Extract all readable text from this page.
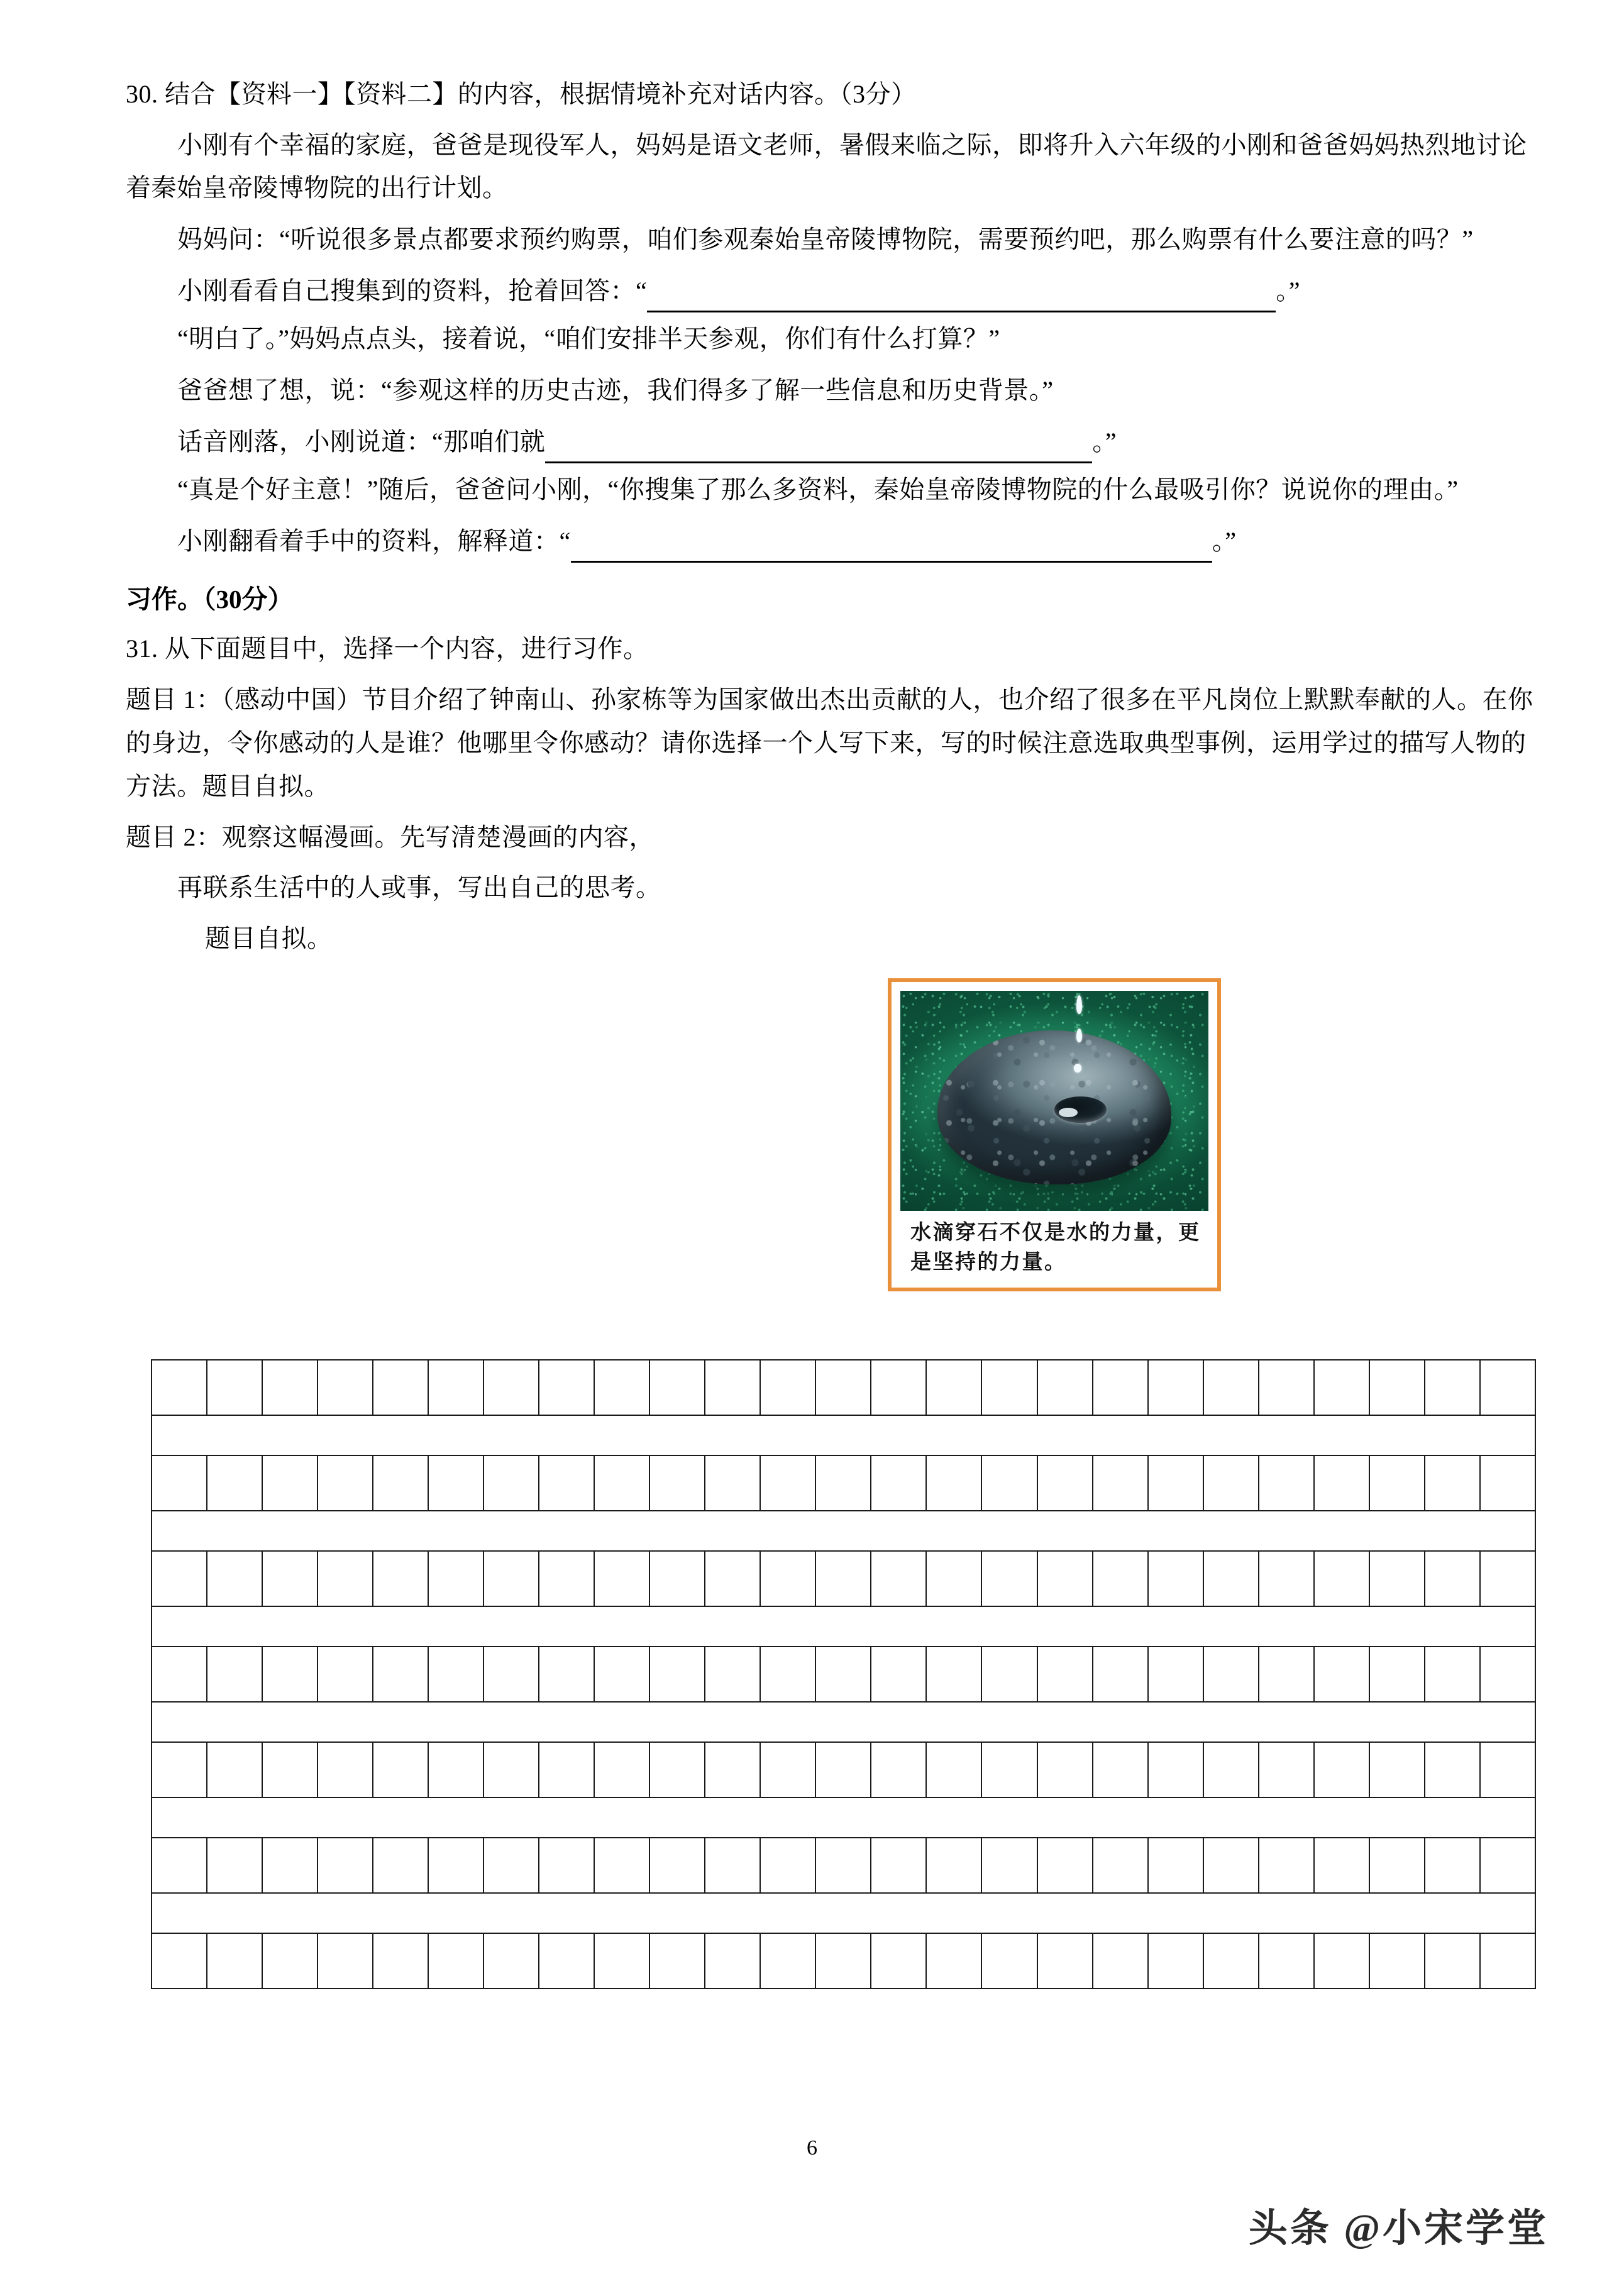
30. 结合【资料一】【资料二】的内容，根据情境补充对话内容。（3分）

小刚有个幸福的家庭，爸爸是现役军人，妈妈是语文老师，暑假来临之际，即将升入六年级的小刚和爸爸妈妈热烈地讨论着秦始皇帝陵博物院的出行计划。

妈妈问：“听说很多景点都要求预约购票，咱们参观秦始皇帝陵博物院，需要预约吧，那么购票有什么要注意的吗？”

小刚看看自己搜集到的资料，抢着回答：“	。”

“明白了。”妈妈点点头，接着说，“咱们安排半天参观，你们有什么打算？”

爸爸想了想，说：“参观这样的历史古迹，我们得多了解一些信息和历史背景。”

话音刚落，小刚说道：“那咱们就	。”

“真是个好主意！”随后，爸爸问小刚，“你搜集了那么多资料，秦始皇帝陵博物院的什么最吸引你？说说你的理由。”

小刚翻看着手中的资料，解释道：“	。”

习作。（30分）

31. 从下面题目中，选择一个内容，进行习作。

题目 1：（感动中国）节目介绍了钟南山、孙家栋等为国家做出杰出贡献的人，也介绍了很多在平凡岗位上默默奉献的人。在你的身边，令你感动的人是谁？他哪里令你感动？请你选择一个人写下来，写的时候注意选取典型事例，运用学过的描写人物的方法。题目自拟。

题目 2：观察这幅漫画。先写清楚漫画的内容，

再联系生活中的人或事，写出自己的思考。

题目自拟。

水滴穿石不仅是水的力量，更是坚持的力量。

6
头条 @小宋学堂
